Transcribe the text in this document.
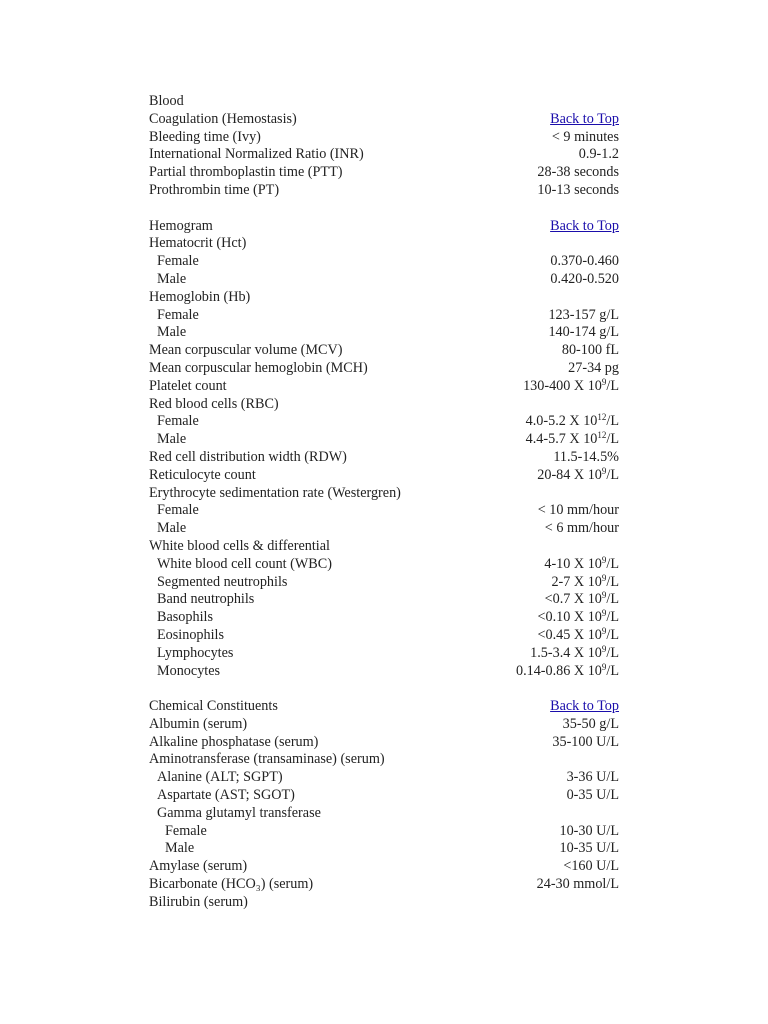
Blood
Coagulation (Hemostasis)	Back to Top
Bleeding time (Ivy)	< 9 minutes
International Normalized Ratio (INR)	0.9-1.2
Partial thromboplastin time (PTT)	28-38 seconds
Prothrombin time (PT)	10-13 seconds
Hemogram	Back to Top
Hematocrit (Hct)
Female	0.370-0.460
Male	0.420-0.520
Hemoglobin (Hb)
Female	123-157 g/L
Male	140-174 g/L
Mean corpuscular volume (MCV)	80-100 fL
Mean corpuscular hemoglobin (MCH)	27-34 pg
Platelet count	130-400 X $10^9/L$
Red blood cells (RBC)
Female	4.0-5.2 X $10^{12}/L$
Male	4.4-5.7 X $10^{12}/L$
Red cell distribution width (RDW)	11.5-14.5%
Reticulocyte count	20-84 X $10^9/L$
Erythrocyte sedimentation rate (Westergren)
Female	< 10 mm/hour
Male	< 6 mm/hour
White blood cells & differential
White blood cell count (WBC)	4-10 X $10^9/L$
Segmented neutrophils	2-7 X $10^9/L$
Band neutrophils	<0.7 X $10^9/L$
Basophils	<0.10 X $10^9/L$
Eosinophils	<0.45 X $10^9/L$
Lymphocytes	1.5-3.4 X $10^9/L$
Monocytes	0.14-0.86 X $10^9/L$
Chemical Constituents	Back to Top
Albumin (serum)	35-50 g/L
Alkaline phosphatase (serum)	35-100 U/L
Aminotransferase (transaminase) (serum)
Alanine (ALT; SGPT)	3-36 U/L
Aspartate (AST; SGOT)	0-35 U/L
Gamma glutamyl transferase
Female	10-30 U/L
Male	10-35 U/L
Amylase (serum)	<160 U/L
Bicarbonate (HCO₃) (serum)	24-30 mmol/L
Bilirubin (serum)
